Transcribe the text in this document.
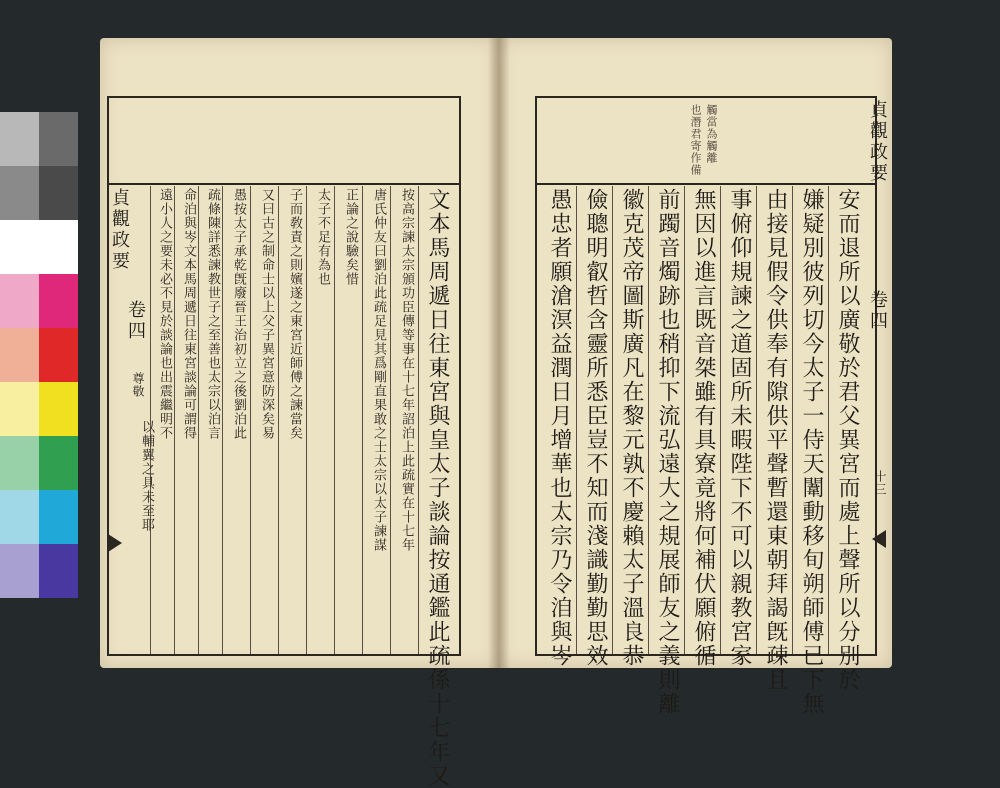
貞觀政要
卷四
十三
觸當為觸離
也潛君寄作備
安而退所以廣敬於君父異宮而處上聲所以分別於
嫌疑別彼列切今太子一侍天闈動移旬朔師傅已下無
由接見假令供奉有隙供平聲暫還東朝拜謁旣疎且
事俯仰規諫之道固所未暇陛下不可以親教宮家
無因以進言既音桀雖有具寮竟將何補伏願俯循
前躅音燭跡也稍抑下流弘遠大之規展師友之義則離
徽克茂帝圖斯廣凡在黎元孰不慶賴太子溫良恭
儉聰明叡哲含靈所悉臣豈不知而淺識勤勤思效
愚忠者願滄溟益潤日月增華也太宗乃令洎與岑
貞觀政要
卷四
尊敬	文本馬周遞日往東宮與皇太子談論按通鑑此疏係十七年又
按高宗諫太宗頒功臣傳等事在十七年詔泊上此疏實在十七年
唐氏仲友曰劉泊此疏足見其爲剛直果敢之士太宗以太子諫謀
正論之說驗矣惜
太子不足有為也
子而敎責之則嬪遂之東宮近師傅之諫當矣
又曰古之制命士以上父子異宮意防深矣易
愚按太子承乾旣廢晉王治初立之後劉泊此
疏條陳詳悉諫教世子之至善也太宗以泊言
命泊與岑文本馬周遞日往東宮談論可謂得
遠小人之要未必不見於談論也出震繼明不
以輔翼之具未至耶
